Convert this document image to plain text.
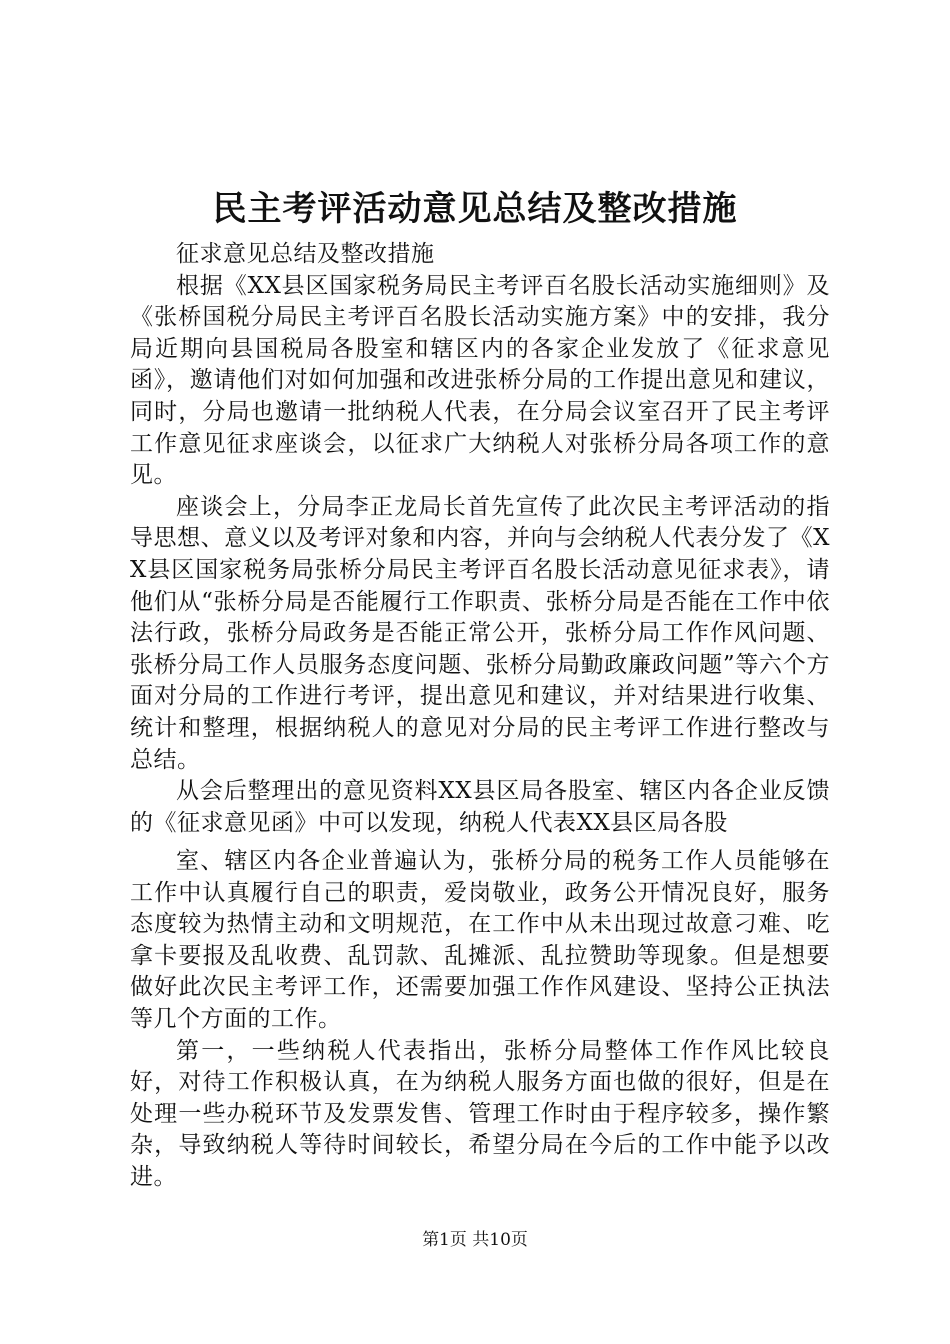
民主考评活动意见总结及整改措施

征求意见总结及整改措施

根据《XX县区国家税务局民主考评百名股长活动实施细则》及《张桥国税分局民主考评百名股长活动实施方案》中的安排，我分局近期向县国税局各股室和辖区内的各家企业发放了《征求意见函》，邀请他们对如何加强和改进张桥分局的工作提出意见和建议，同时，分局也邀请一批纳税人代表，在分局会议室召开了民主考评工作意见征求座谈会，以征求广大纳税人对张桥分局各项工作的意见。

座谈会上，分局李正龙局长首先宣传了此次民主考评活动的指导思想、意义以及考评对象和内容，并向与会纳税人代表分发了《XX县区国家税务局张桥分局民主考评百名股长活动意见征求表》，请他们从“张桥分局是否能履行工作职责、张桥分局是否能在工作中依法行政，张桥分局政务是否能正常公开，张桥分局工作作风问题、张桥分局工作人员服务态度问题、张桥分局勤政廉政问题”等六个方面对分局的工作进行考评，提出意见和建议，并对结果进行收集、统计和整理，根据纳税人的意见对分局的民主考评工作进行整改与总结。

从会后整理出的意见资料XX县区局各股室、辖区内各企业反馈的《征求意见函》中可以发现，纳税人代表XX县区局各股

室、辖区内各企业普遍认为，张桥分局的税务工作人员能够在工作中认真履行自己的职责，爱岗敬业，政务公开情况良好，服务态度较为热情主动和文明规范，在工作中从未出现过故意刁难、吃拿卡要报及乱收费、乱罚款、乱摊派、乱拉赞助等现象。但是想要做好此次民主考评工作，还需要加强工作作风建设、坚持公正执法等几个方面的工作。

第一，一些纳税人代表指出，张桥分局整体工作作风比较良好，对待工作积极认真，在为纳税人服务方面也做的很好，但是在处理一些办税环节及发票发售、管理工作时由于程序较多，操作繁杂，导致纳税人等待时间较长，希望分局在今后的工作中能予以改进。

第1页 共10页
